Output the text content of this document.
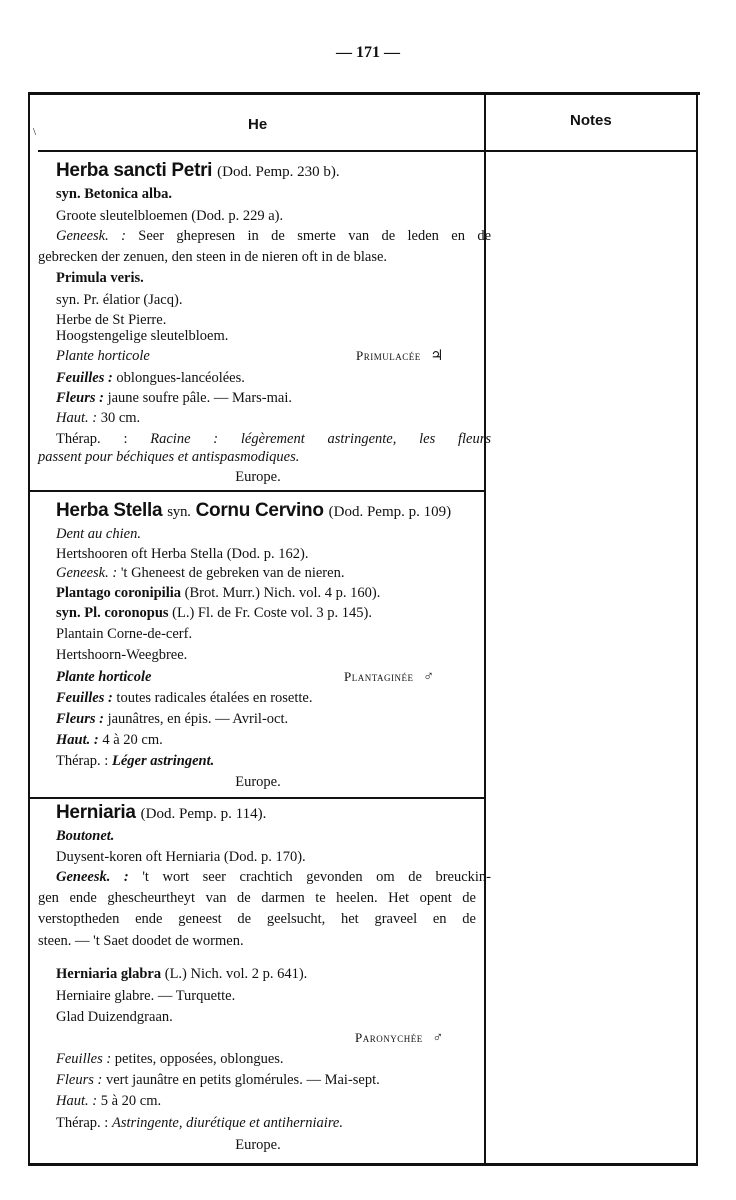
— 171 —
He	Notes
\
Herba sancti Petri (Dod. Pemp. 230 b).
syn. Betonica alba.
Groote sleutelbloemen (Dod. p. 229 a).
Geneesk. : Seer ghepresen in de smerte van de leden en de
gebrecken der zenuen, den steen in de nieren oft in de blase.
Primula veris.
syn. Pr. élatior (Jacq).
Herbe de St Pierre.
Hoogstengelige sleutelbloem.
Plante horticole	Primulacée ♃
Feuilles : oblongues-lancéolées.
Fleurs : jaune soufre pâle. — Mars-mai.
Haut. : 30 cm.
Thérap. : Racine : légèrement astringente, les fleurs
passent pour béchiques et antispasmodiques.
Europe.
Herba Stella syn. Cornu Cervino (Dod. Pemp. p. 109)
Dent au chien.
Hertshooren oft Herba Stella (Dod. p. 162).
Geneesk. : 't Gheneest de gebreken van de nieren.
Plantago coronipilia (Brot. Murr.) Nich. vol. 4 p. 160).
syn. Pl. coronopus (L.) Fl. de Fr. Coste vol. 3 p. 145).
Plantain Corne-de-cerf.
Hertshoorn-Weegbree.
Plante horticole	Plantaginée ♂
Feuilles : toutes radicales étalées en rosette.
Fleurs : jaunâtres, en épis. — Avril-oct.
Haut. : 4 à 20 cm.
Thérap. : Léger astringent.
Europe.
Herniaria (Dod. Pemp. p. 114).
Boutonet.
Duysent-koren oft Herniaria (Dod. p. 170).
Geneesk. : 't wort seer crachtich gevonden om de breuckin-
gen ende ghescheurtheyt van de darmen te heelen. Het opent de
verstoptheden ende geneest de geelsucht, het graveel en de
steen. — 't Saet doodet de wormen.
Herniaria glabra (L.) Nich. vol. 2 p. 641).
Herniaire glabre. — Turquette.
Glad Duizendgraan.
Paronychée ♂
Feuilles : petites, opposées, oblongues.
Fleurs : vert jaunâtre en petits glomérules. — Mai-sept.
Haut. : 5 à 20 cm.
Thérap. : Astringente, diurétique et antiherniaire.
Europe.
